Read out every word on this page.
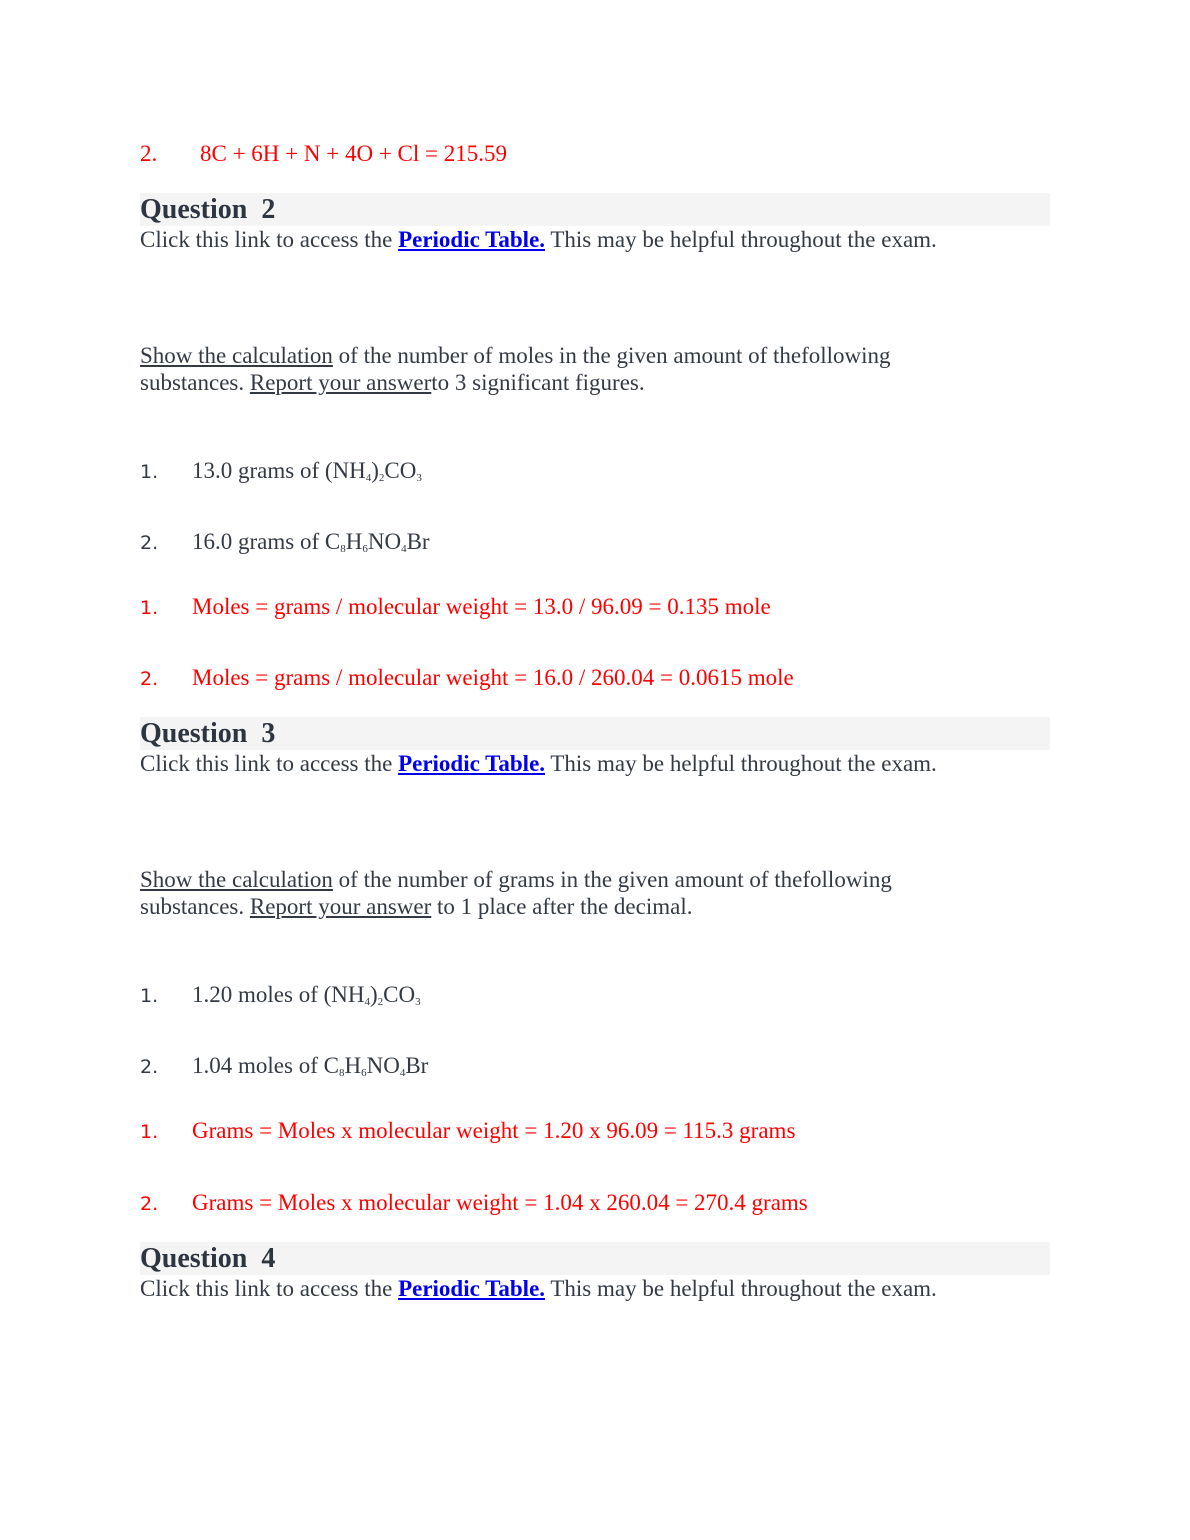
2. 8C + 6H + N + 4O + Cl = 215.59
Question 2
Click this link to access the Periodic Table. This may be helpful throughout the exam.
Show the calculation of the number of moles in the given amount of thefollowing substances. Report your answerto 3 significant figures.
1. 13.0 grams of $(NH_4)_2CO_3$
2. 16.0 grams of $C_8H_6NO_4Br$
1. Moles = grams / molecular weight = 13.0 / 96.09 = 0.135 mole
2. Moles = grams / molecular weight = 16.0 / 260.04 = 0.0615 mole
Question 3
Click this link to access the Periodic Table. This may be helpful throughout the exam.
Show the calculation of the number of grams in the given amount of thefollowing substances. Report your answer to 1 place after the decimal.
1. 1.20 moles of $(NH_4)_2CO_3$
2. 1.04 moles of $C_8H_6NO_4Br$
1. Grams = Moles x molecular weight = 1.20 x 96.09 = 115.3 grams
2. Grams = Moles x molecular weight = 1.04 x 260.04 = 270.4 grams
Question 4
Click this link to access the Periodic Table. This may be helpful throughout the exam.
